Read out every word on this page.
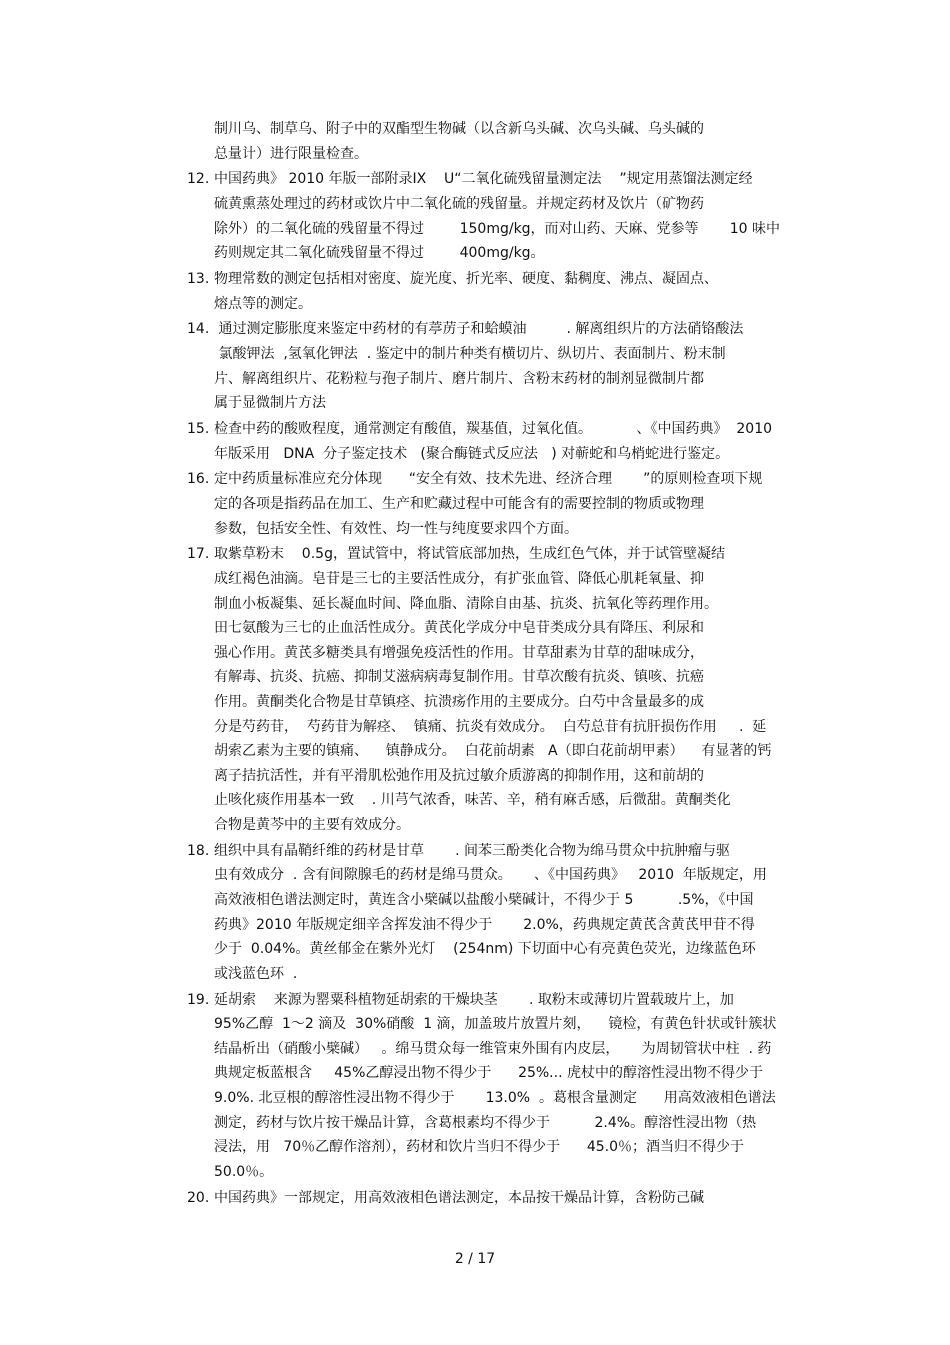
制川乌、制草乌、附子中的双酯型生物碱（以含新乌头碱、次乌头碱、乌头碱的
总量计）进行限量检查。
12. 中国药典》 2010 年版一部附录IX    U“二氧化硫残留量测定法    ”规定用蒸馏法测定经
硫黄熏蒸处理过的药材或饮片中二氧化硫的残留量。并规定药材及饮片（矿物药
除外）的二氧化硫的残留量不得过        150mg/kg，而对山药、天麻、党参等       10 味中
药则规定其二氧化硫残留量不得过        400mg/kg。
13. 物理常数的测定包括相对密度、旋光度、折光率、硬度、黏稠度、沸点、凝固点、
熔点等的测定。
14. 通过测定膨胀度来鉴定中药材的有葶苈子和蛤蟆油         . 解离组织片的方法硝铬酸法
氯酸钾法  ,氢氧化钾法  . 鉴定中的制片种类有横切片、纵切片、表面制片、粉末制
片、解离组织片、花粉粒与孢子制片、磨片制片、含粉末药材的制剂显微制片都
属于显微制片方法
15. 检查中药的酸败程度，通常测定有酸值，羰基值，过氧化值。          、《中国药典》  2010
年版采用   DNA  分子鉴定技术   (聚合酶链式反应法   ) 对蕲蛇和乌梢蛇进行鉴定。
16. 定中药质量标准应充分体现      “安全有效、技术先进、经济合理       ”的原则检查项下规
定的各项是指药品在加工、生产和贮藏过程中可能含有的需要控制的物质或物理
参数，包括安全性、有效性、均一性与纯度要求四个方面。
17. 取紫草粉末    0.5g，置试管中，将试管底部加热，生成红色气体，并于试管壁凝结
成红褐色油滴。皂苷是三七的主要活性成分，有扩张血管、降低心肌耗氧量、抑
制血小板凝集、延长凝血时间、降血脂、清除自由基、抗炎、抗氧化等药理作用。
田七氨酸为三七的止血活性成分。黄芪化学成分中皂苷类成分具有降压、利尿和
强心作用。黄芪多糖类具有增强免疫活性的作用。甘草甜素为甘草的甜味成分，
有解毒、抗炎、抗癌、抑制艾滋病病毒复制作用。甘草次酸有抗炎、镇咳、抗癌
作用。黄酮类化合物是甘草镇痉、抗溃疡作用的主要成分。白芍中含量最多的成
分是芍药苷，  芍药苷为解痉、  镇痛、抗炎有效成分。  白芍总苷有抗肝损伤作用     .  延
胡索乙素为主要的镇痛、    镇静成分。  白花前胡素   A（即白花前胡甲素）    有显著的钙
离子拮抗活性，并有平滑肌松弛作用及抗过敏介质游离的抑制作用，这和前胡的
止咳化痰作用基本一致    . 川芎气浓香，味苦、辛，稍有麻舌感，后微甜。黄酮类化
合物是黄芩中的主要有效成分。
18. 组织中具有晶鞘纤维的药材是甘草       . 间苯三酚类化合物为绵马贯众中抗肿瘤与驱
虫有效成分  . 含有间隙腺毛的药材是绵马贯众。     、《中国药典》   2010  年版规定，用
高效液相色谱法测定时，黄连含小檗碱以盐酸小檗碱计，不得少于 5          .5%，《中国
药典》2010 年版规定细辛含挥发油不得少于       2.0%，药典规定黄芪含黄芪甲苷不得
少于  0.04%。黄丝郁金在紫外光灯    (254nm) 下切面中心有亮黄色荧光，边缘蓝色环
或浅蓝色环  .
19. 延胡索    来源为罂粟科植物延胡索的干燥块茎       . 取粉末或薄切片置载玻片上，加
95%乙醇  1～2 滴及  30%硝酸  1 滴，加盖玻片放置片刻，    镜检，有黄色针状或针簇状
结晶析出（硝酸小檗碱）   。绵马贯众每一维管束外围有内皮层，     为周韧管状中柱  . 药
典规定板蓝根含     45%乙醇浸出物不得少于      25%... 虎杖中的醇溶性浸出物不得少于
9.0%. 北豆根的醇溶性浸出物不得少于       13.0%  。葛根含量测定      用高效液相色谱法
测定，药材与饮片按干燥品计算，含葛根素均不得少于          2.4%。醇溶性浸出物（热
浸法，用   70％乙醇作溶剂），药材和饮片当归不得少于      45.0％；酒当归不得少于
50.0％。
20. 中国药典》一部规定，用高效液相色谱法测定，本品按干燥品计算，含粉防己碱
2 / 17
